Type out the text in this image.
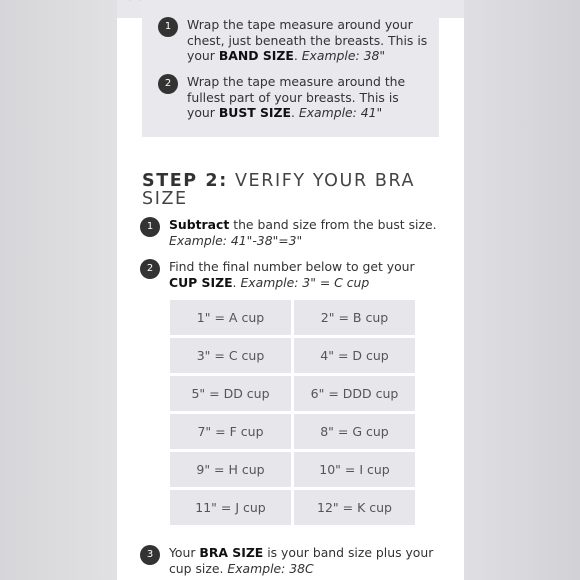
1	Wrap the tape measure around your chest, just beneath the breasts. This is your BAND SIZE. Example: 38"
2	Wrap the tape measure around the fullest part of your breasts. This is your BUST SIZE. Example: 41"
STEP 2: VERIFY YOUR BRA SIZE
1	Subtract the band size from the bust size. Example: 41"-38"=3"
2	Find the final number below to get your CUP SIZE. Example: 3" = C cup
1" = A cup	2" = B cup
3" = C cup	4" = D cup
5" = DD cup	6" = DDD cup
7" = F cup	8" = G cup
9" = H cup	10" = I cup
11" = J cup	12" = K cup
3	Your BRA SIZE is your band size plus your cup size. Example: 38C
